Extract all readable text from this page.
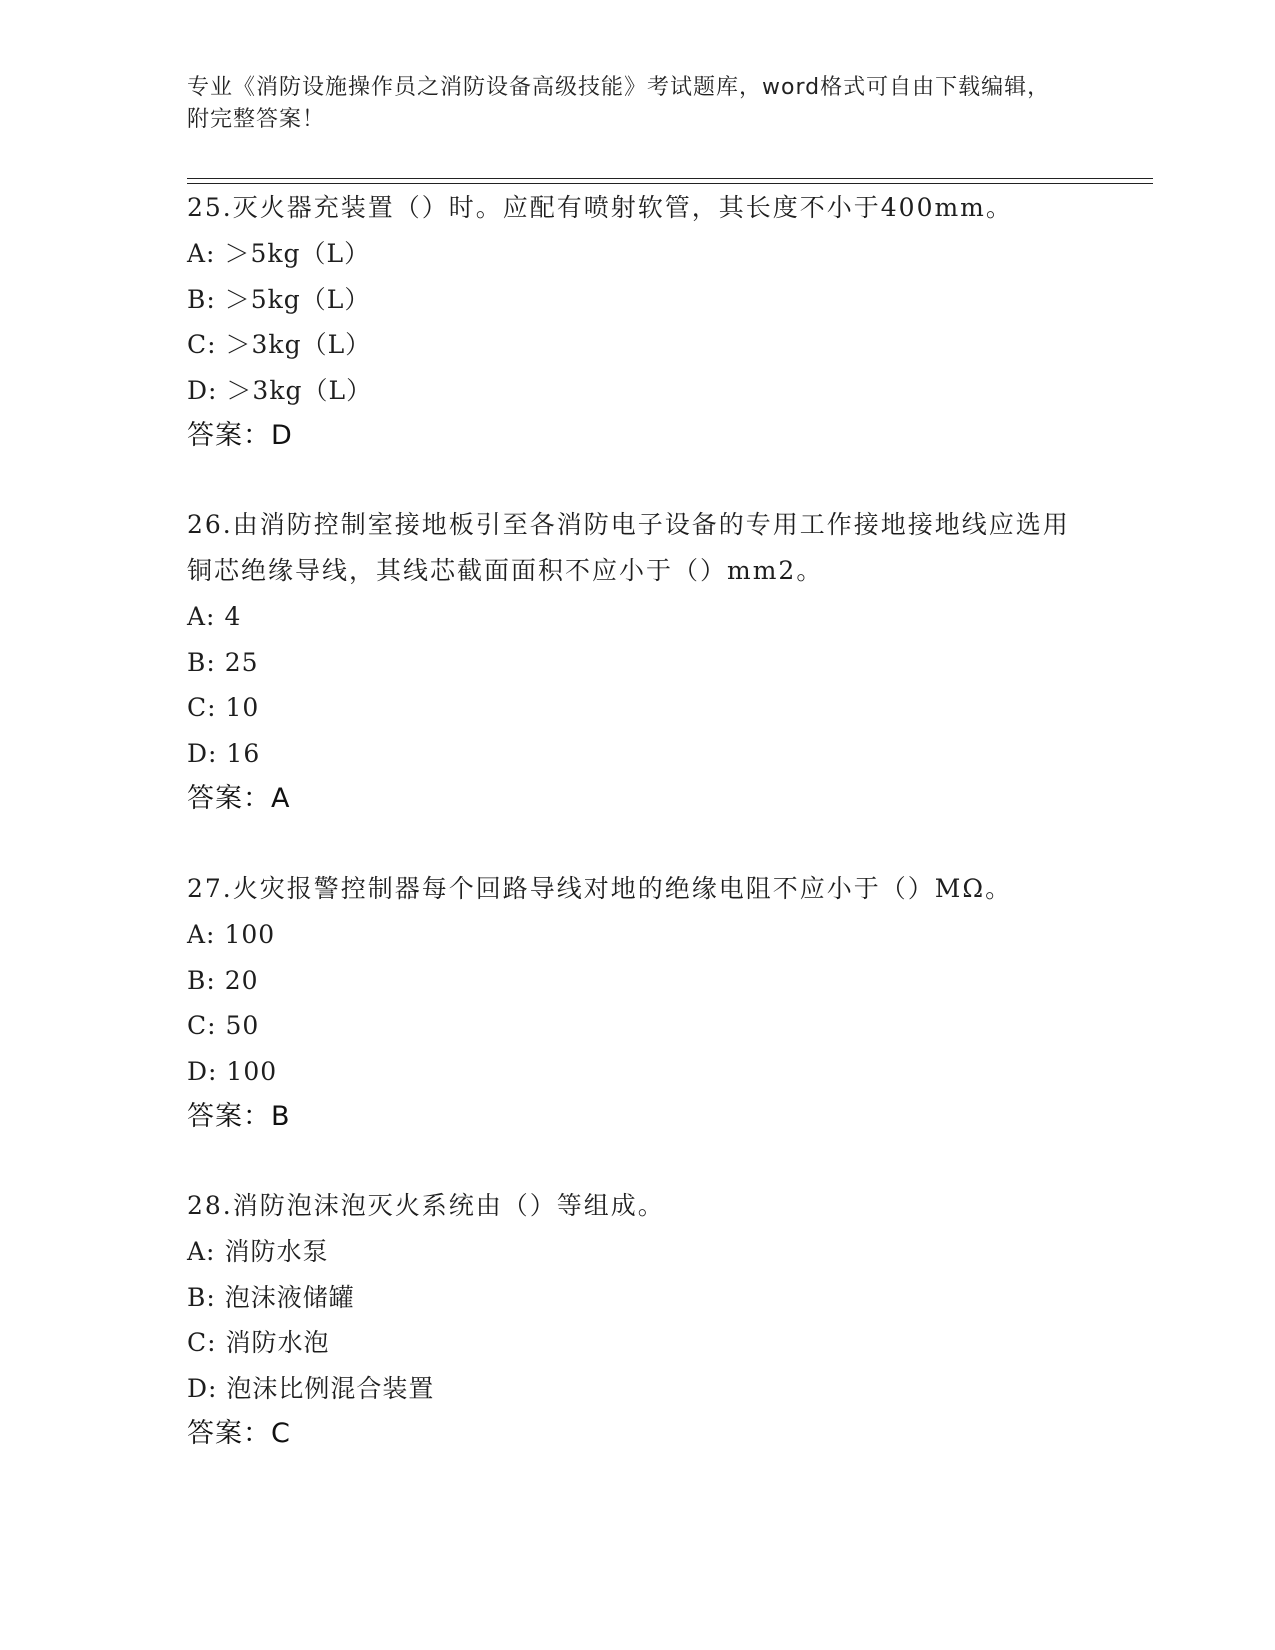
专业《消防设施操作员之消防设备高级技能》考试题库，word格式可自由下载编辑，附完整答案！

25.灭火器充装置（）时。应配有喷射软管，其长度不小于400mm。

A: ＞5kg（L）

B: ＞5kg（L）

C: ＞3kg（L）

D: ＞3kg（L）

答案：D

26.由消防控制室接地板引至各消防电子设备的专用工作接地接地线应选用铜芯绝缘导线，其线芯截面面积不应小于（）mm2。

A: 4

B: 25

C: 10

D: 16

答案：A

27.火灾报警控制器每个回路导线对地的绝缘电阻不应小于（）MΩ。

A: 100

B: 20

C: 50

D: 100

答案：B

28.消防泡沫泡灭火系统由（）等组成。

A: 消防水泵

B: 泡沫液储罐

C: 消防水泡

D: 泡沫比例混合装置

答案：C
